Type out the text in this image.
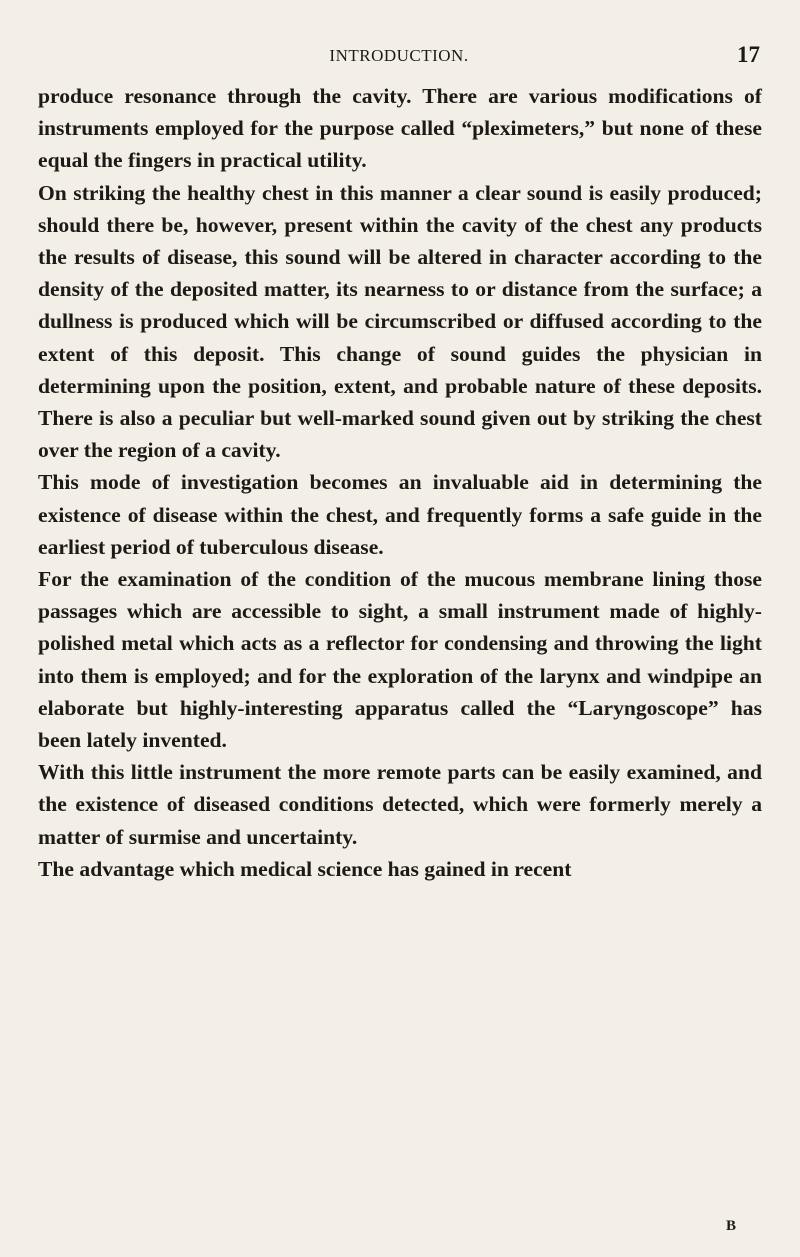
INTRODUCTION.	17

produce resonance through the cavity. There are various modifications of instruments employed for the purpose called “pleximeters,” but none of these equal the fingers in practical utility.

On striking the healthy chest in this manner a clear sound is easily produced; should there be, however, present within the cavity of the chest any products the results of disease, this sound will be altered in character according to the density of the deposited matter, its nearness to or distance from the surface; a dullness is produced which will be circumscribed or diffused according to the extent of this deposit. This change of sound guides the physician in determining upon the position, extent, and probable nature of these deposits. There is also a peculiar but well-marked sound given out by striking the chest over the region of a cavity.

This mode of investigation becomes an invaluable aid in determining the existence of disease within the chest, and frequently forms a safe guide in the earliest period of tuberculous disease.

For the examination of the condition of the mucous membrane lining those passages which are accessible to sight, a small instrument made of highly-polished metal which acts as a reflector for condensing and throwing the light into them is employed; and for the exploration of the larynx and windpipe an elaborate but highly-interesting apparatus called the “Laryngoscope” has been lately invented.

With this little instrument the more remote parts can be easily examined, and the existence of diseased conditions detected, which were formerly merely a matter of surmise and uncertainty.

The advantage which medical science has gained in recent

B
